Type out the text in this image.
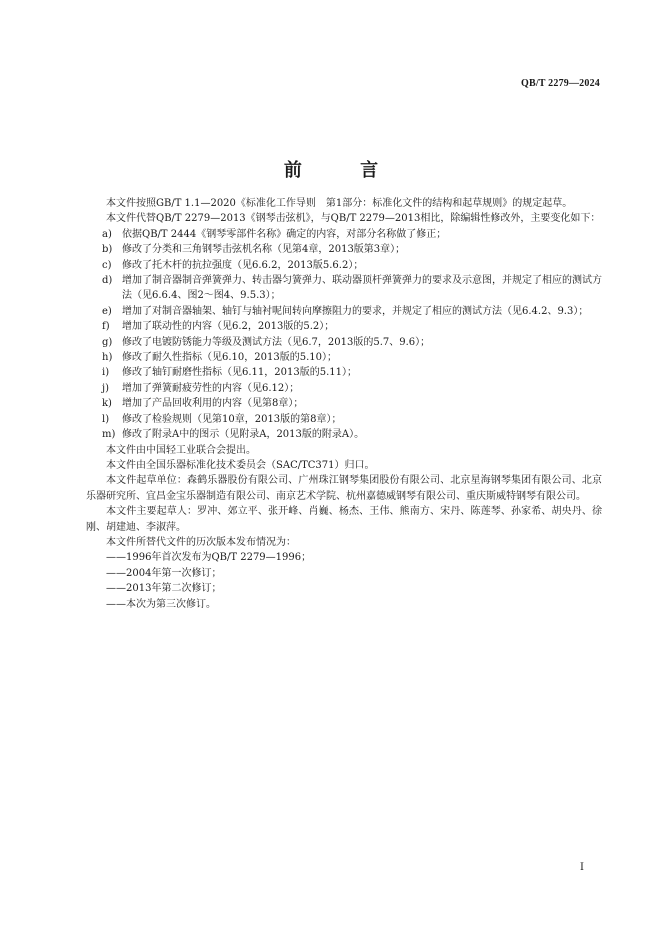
QB/T 2279—2024
前 言

本文件按照GB/T 1.1—2020《标准化工作导则　第1部分：标准化文件的结构和起草规则》的规定起草。

本文件代替QB/T 2279—2013《钢琴击弦机》，与QB/T 2279—2013相比，除编辑性修改外，主要变化如下：

a)	依据QB/T 2444《钢琴零部件名称》确定的内容，对部分名称做了修正；
b) 修改了分类和三角钢琴击弦机名称（见第4章，2013版第3章）；
c)	修改了托木杆的抗拉强度（见6.6.2，2013版5.6.2）；
d) 增加了制音器制音弹簧弹力、转击器匀簧弹力、联动器顶杆弹簧弹力的要求及示意图，并规定了相应的测试方法（见6.6.4、图2～图4、9.5.3）；
e)	增加了对制音器轴架、轴钉与轴衬呢间转向摩擦阻力的要求，并规定了相应的测试方法（见6.4.2、9.3）；
f)	增加了联动性的内容（见6.2，2013版的5.2）；
g) 修改了电镀防锈能力等级及测试方法（见6.7，2013版的5.7、9.6）；
h) 修改了耐久性指标（见6.10，2013版的5.10）；
i)	修改了轴钉耐磨性指标（见6.11，2013版的5.11）；
j)	增加了弹簧耐疲劳性的内容（见6.12）；
k)	增加了产品回收利用的内容（见第8章）；
l)	修改了检验规则（见第10章，2013版的第8章）；
m) 修改了附录A中的图示（见附录A，2013版的附录A）。

本文件由中国轻工业联合会提出。

本文件由全国乐器标准化技术委员会（SAC/TC371）归口。

本文件起草单位：森鹤乐器股份有限公司、广州珠江钢琴集团股份有限公司、北京星海钢琴集团有限公司、北京乐器研究所、宜昌金宝乐器制造有限公司、南京艺术学院、杭州嘉德威钢琴有限公司、重庆斯威特钢琴有限公司。

本文件主要起草人：罗冲、郊立平、张开峰、肖巍、杨杰、王伟、熊南方、宋丹、陈莲琴、孙家希、胡央丹、徐刚、胡建迪、李淑萍。

本文件所替代文件的历次版本发布情况为：

——1996年首次发布为QB/T 2279—1996；

——2004年第一次修订；

——2013年第二次修订；

——本次为第三次修订。

I
